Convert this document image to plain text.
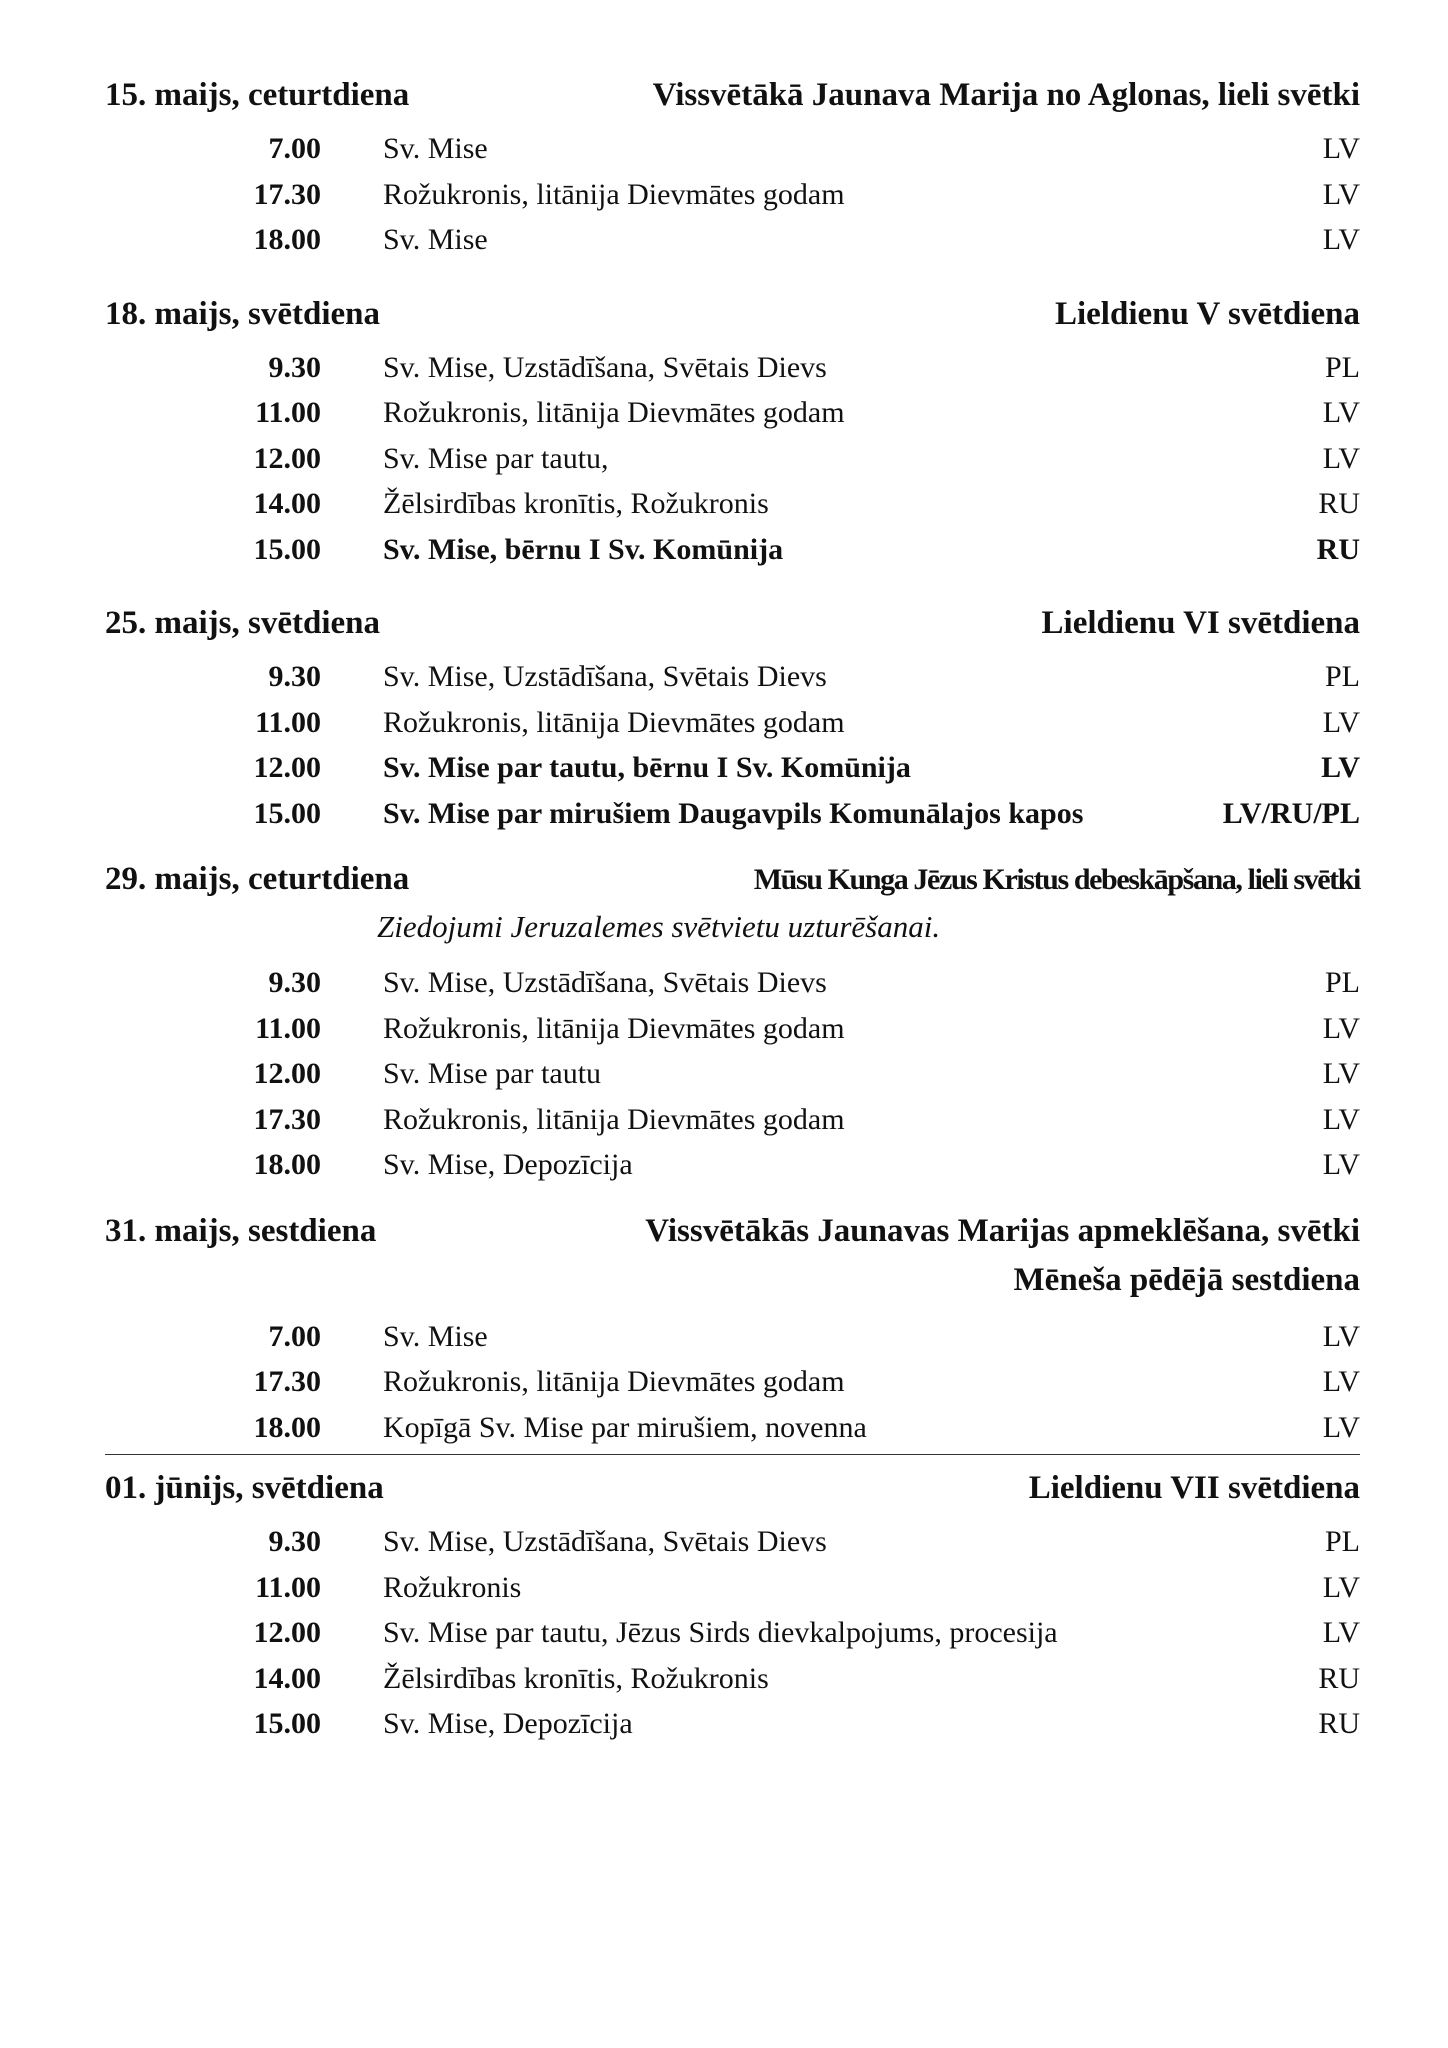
15. maijs, ceturtdiena	Vissvētākā Jaunava Marija no Aglonas, lieli svētki
7.00	Sv. Mise	LV
17.30	Rožukronis, litānija Dievmātes godam	LV
18.00	Sv. Mise	LV
18. maijs, svētdiena	Lieldienu V svētdiena
9.30	Sv. Mise, Uzstādīšana, Svētais Dievs	PL
11.00	Rožukronis, litānija Dievmātes godam	LV
12.00	Sv. Mise par tautu,	LV
14.00	Žēlsirdības kronītis, Rožukronis	RU
15.00	Sv. Mise, bērnu I Sv. Komūnija	RU
25. maijs, svētdiena	Lieldienu VI svētdiena
9.30	Sv. Mise, Uzstādīšana, Svētais Dievs	PL
11.00	Rožukronis, litānija Dievmātes godam	LV
12.00	Sv. Mise par tautu, bērnu I Sv. Komūnija	LV
15.00	Sv. Mise par mirušiem Daugavpils Komunālajos kapos	LV/RU/PL
29. maijs, ceturtdiena	Mūsu Kunga Jēzus Kristus debeskāpšana, lieli svētki
Ziedojumi Jeruzalemes svētvietu uzturēšanai.
9.30	Sv. Mise, Uzstādīšana, Svētais Dievs	PL
11.00	Rožukronis, litānija Dievmātes godam	LV
12.00	Sv. Mise par tautu	LV
17.30	Rožukronis, litānija Dievmātes godam	LV
18.00	Sv. Mise, Depozīcija	LV
31. maijs, sestdiena	Vissvētākās Jaunavas Marijas apmeklēšana, svētki
Mēneša pēdējā sestdiena
7.00	Sv. Mise	LV
17.30	Rožukronis, litānija Dievmātes godam	LV
18.00	Kopīgā Sv. Mise par mirušiem, novenna	LV
01. jūnijs, svētdiena	Lieldienu VII svētdiena
9.30	Sv. Mise, Uzstādīšana, Svētais Dievs	PL
11.00	Rožukronis	LV
12.00	Sv. Mise par tautu, Jēzus Sirds dievkalpojums, procesija	LV
14.00	Žēlsirdības kronītis, Rožukronis	RU
15.00	Sv. Mise, Depozīcija	RU
